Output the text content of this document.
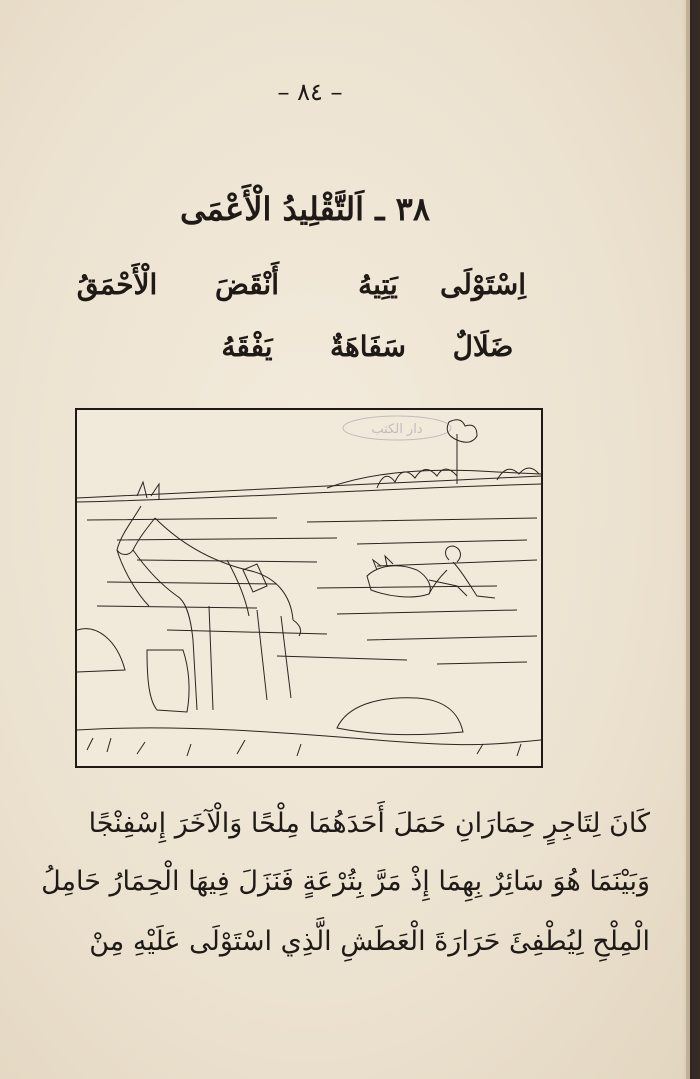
– ٨٤ –
٣٨ ـ اَلتَّقْلِيدُ الْأَعْمَى
اِسْتَوْلَى
يَتِيهُ
أَنْقَضَ
الْأَحْمَقُ
ضَلَالٌ
سَفَاهَةٌ
يَفْقَهُ
دار الكتب
كَانَ لِتَاجِرٍ حِمَارَانِ حَمَلَ أَحَدَهُمَا مِلْحًا وَالْآخَرَ إِسْفِنْجًا
وَبَيْنَمَا هُوَ سَائِرٌ بِهِمَا إِذْ مَرَّ بِتُرْعَةٍ فَنَزَلَ فِيهَا الْحِمَارُ حَامِلُ
الْمِلْحِ لِيُطْفِئَ حَرَارَةَ الْعَطَشِ الَّذِي اسْتَوْلَى عَلَيْهِ مِنْ
